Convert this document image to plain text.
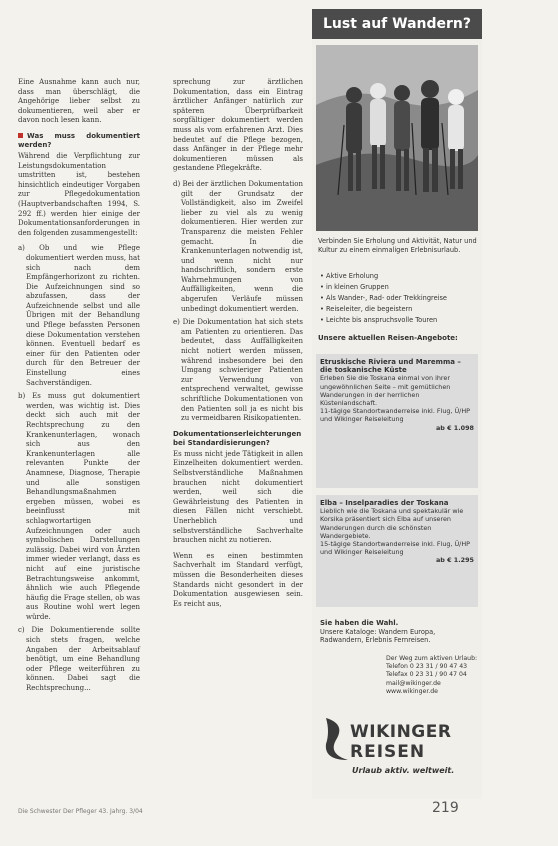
Eine Ausnahme kann auch nur, dass man überschlägt, die Angehörige lieber selbst zu dokumentieren, weil aber er davon noch lesen kann.

Was muss dokumentiert werden?

Während die Verpflichtung zur Leistungsdokumentation umstritten ist, bestehen hinsichtlich eindeutiger Vorgaben zur Pflegedokumentation (Hauptverbandschaften 1994, S. 292 ff.) werden hier einige der Dokumentationsanforderungen in den folgenden zusammengestellt:

a) Ob und wie Pflege dokumentiert werden muss, hat sich nach dem Empfängerhorizont zu richten. Die Aufzeichnungen sind so abzufassen, dass der Aufzeichnende selbst und alle Übrigen mit der Behandlung und Pflege befassten Personen diese Dokumentation verstehen können. Eventuell bedarf es einer für den Patienten oder durch für den Betreuer der Einstellung eines Sachverständigen.

b) Es muss gut dokumentiert werden, was wichtig ist. Dies deckt sich auch mit der Rechtsprechung zu den Krankenunterlagen, wonach sich aus den Krankenunterlagen alle relevanten Punkte der Anamnese, Diagnose, Therapie und alle sonstigen Behandlungsmaßnahmen ergeben müssen, wobei es beeinflusst mit schlagwortartigen Aufzeichnungen oder auch symbolischen Darstellungen zulässig. Dabei wird von Ärzten immer wieder verlangt, dass es nicht auf eine juristische Betrachtungsweise ankommt, ähnlich wie auch Pflegende häufig die Frage stellen, ob was aus Routine wohl wert legen würde.

c) Die Dokumentierende sollte sich stets fragen, welche Angaben der Arbeitsablauf benötigt, um eine Behandlung oder Pflege weiterführen zu können. Dabei sagt die Rechtsprechung...

sprechung zur ärztlichen Dokumentation, dass ein Eintrag ärztlicher Anfänger natürlich zur späteren Überprüfbarkeit sorgfältiger dokumentiert werden muss als vom erfahrenen Arzt. Dies bedeutet auf die Pflege bezogen, dass Anfänger in der Pflege mehr dokumentieren müssen als gestandene Pflegekräfte.

d) Bei der ärztlichen Dokumentation gilt der Grundsatz der Vollständigkeit, also im Zweifel lieber zu viel als zu wenig dokumentieren. Hier werden zur Transparenz die meisten Fehler gemacht. In die Krankenunterlagen notwendig ist, und wenn nicht nur handschriftlich, sondern erste Wahrnehmungen von Auffälligkeiten, wenn die abgerufen Verläufe müssen unbedingt dokumentiert werden.

e) Die Dokumentation hat sich stets am Patienten zu orientieren. Das bedeutet, dass Auffälligkeiten nicht notiert werden müssen, während insbesondere bei den Umgang schwieriger Patienten zur Verwendung von entsprechend verwaltet, gewisse schriftliche Dokumentationen von den Patienten soll ja es nicht bis zu vermeidbaren Risikopatienten.

Dokumentationserleichterungen bei Standardisierungen?

Es muss nicht jede Tätigkeit in allen Einzelheiten dokumentiert werden. Selbstverständliche Maßnahmen brauchen nicht dokumentiert werden, weil sich die Gewährleistung des Patienten in diesen Fällen nicht verschiebt. Unerheblich und selbstverständliche Sachverhalte brauchen nicht zu notieren.

Wenn es einen bestimmten Sachverhalt im Standard verfügt, müssen die Besonderheiten dieses Standards nicht gesondert in der Dokumentation ausgewiesen sein. Es reicht aus,

Die Schwester Der Pfleger 43. Jahrg. 3/04	219
Lust auf Wandern?
Verbinden Sie Erholung und Aktivität, Natur und Kultur zu einem einmaligen Erlebnisurlaub.
• Aktive Erholung
• in kleinen Gruppen
• Als Wander-, Rad- oder Trekkingreise
• Reiseleiter, die begeistern
• Leichte bis anspruchsvolle Touren
Unsere aktuellen Reisen-Angebote:
Etruskische Riviera und Maremma – die toskanische Küste
Erleben Sie die Toskana einmal von ihrer ungewöhnlichen Seite – mit gemütlichen Wanderungen in der herrlichen Küstenlandschaft.
11-tägige Standortwanderreise inkl. Flug, Ü/HP und Wikinger Reiseleitung
ab € 1.098
Elba – Inselparadies der Toskana
Lieblich wie die Toskana und spektakulär wie Korsika präsentiert sich Elba auf unseren Wanderungen durch die schönsten Wandergebiete.
15-tägige Standortwanderreise inkl. Flug, Ü/HP und Wikinger Reiseleitung
ab € 1.295
Sie haben die Wahl.
Unsere Kataloge: Wandern Europa, Radwandern, Erlebnis Fernreisen.
Der Weg zum aktiven Urlaub:
Telefon 0 23 31 / 90 47 43
Telefax 0 23 31 / 90 47 04
mail@wikinger.de
www.wikinger.de
WIKINGER
REISEN
Urlaub aktiv. weltweit.
